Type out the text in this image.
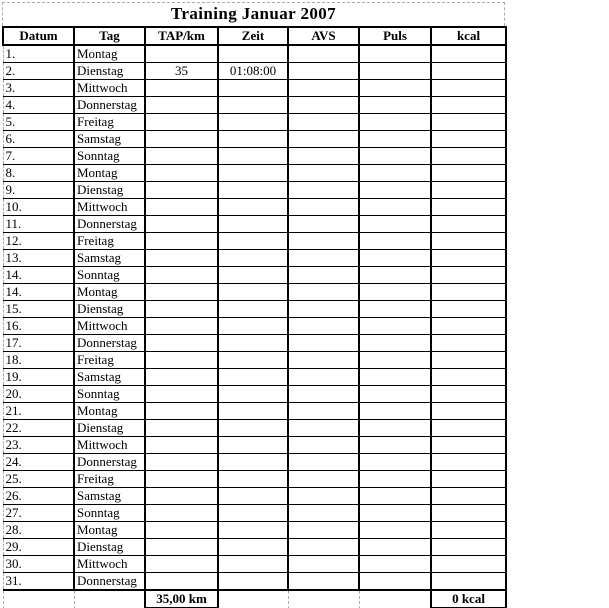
Training Januar 2007
Datum	Tag	TAP/km	Zeit	AVS	Puls	kcal
1.	Montag					
2.	Dienstag	35	01:08:00			
3.	Mittwoch					
4.	Donnerstag					
5.	Freitag					
6.	Samstag					
7.	Sonntag					
8.	Montag					
9.	Dienstag					
10.	Mittwoch					
11.	Donnerstag					
12.	Freitag					
13.	Samstag					
14.	Sonntag					
14.	Montag					
15.	Dienstag					
16.	Mittwoch					
17.	Donnerstag					
18.	Freitag					
19.	Samstag					
20.	Sonntag					
21.	Montag					
22.	Dienstag					
23.	Mittwoch					
24.	Donnerstag					
25.	Freitag					
26.	Samstag					
27.	Sonntag					
28.	Montag					
29.	Dienstag					
30.	Mittwoch					
31.	Donnerstag					
		35,00 km				0 kcal
